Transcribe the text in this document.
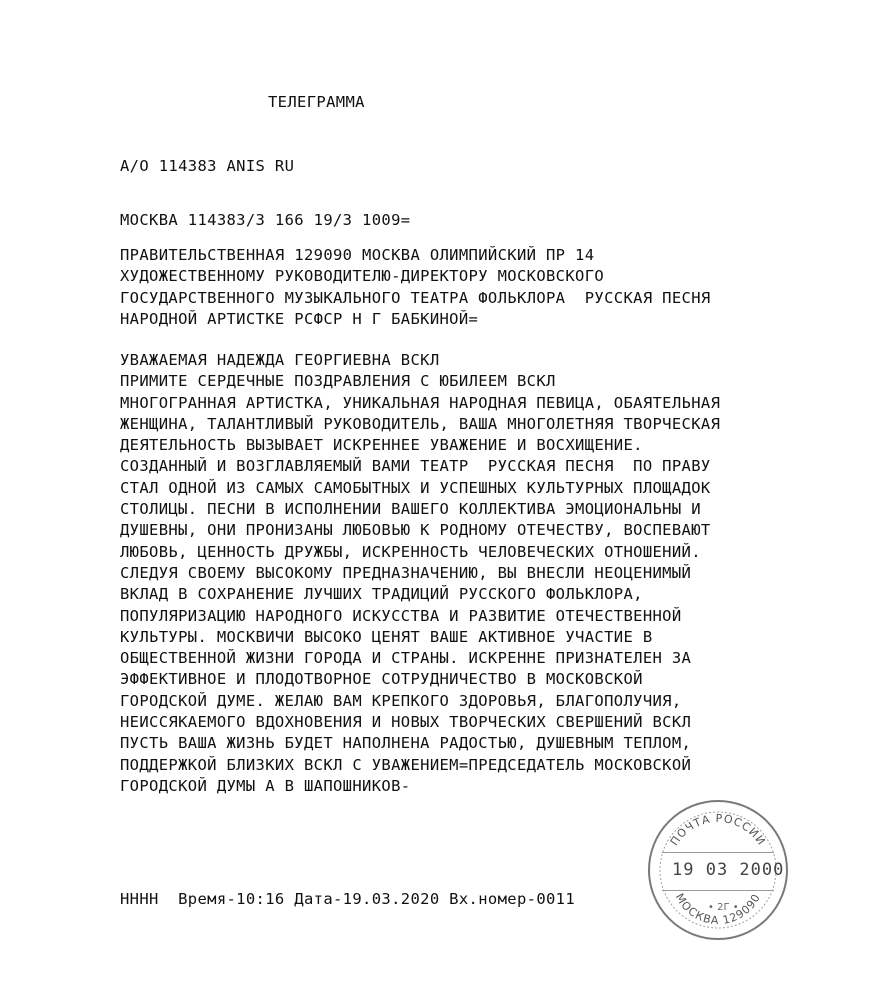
ТЕЛЕГРАММА
А/О 114383 ANIS RU
МОСКВА 114383/3 166 19/3 1009=
ПРАВИТЕЛЬСТВЕННАЯ 129090 МОСКВА ОЛИМПИЙСКИЙ ПР 14
ХУДОЖЕСТВЕННОМУ РУКОВОДИТЕЛЮ-ДИРЕКТОРУ МОСКОВСКОГО
ГОСУДАРСТВЕННОГО МУЗЫКАЛЬНОГО ТЕАТРА ФОЛЬКЛОРА  РУССКАЯ ПЕСНЯ
НАРОДНОЙ АРТИСТКЕ РСФСР Н Г БАБКИНОЙ=
УВАЖАЕМАЯ НАДЕЖДА ГЕОРГИЕВНА ВСКЛ
ПРИМИТЕ СЕРДЕЧНЫЕ ПОЗДРАВЛЕНИЯ С ЮБИЛЕЕМ ВСКЛ
МНОГОГРАННАЯ АРТИСТКА, УНИКАЛЬНАЯ НАРОДНАЯ ПЕВИЦА, ОБАЯТЕЛЬНАЯ
ЖЕНЩИНА, ТАЛАНТЛИВЫЙ РУКОВОДИТЕЛЬ, ВАША МНОГОЛЕТНЯЯ ТВОРЧЕСКАЯ
ДЕЯТЕЛЬНОСТЬ ВЫЗЫВАЕТ ИСКРЕННЕЕ УВАЖЕНИЕ И ВОСХИЩЕНИЕ.
СОЗДАННЫЙ И ВОЗГЛАВЛЯЕМЫЙ ВАМИ ТЕАТР  РУССКАЯ ПЕСНЯ  ПО ПРАВУ
СТАЛ ОДНОЙ ИЗ САМЫХ САМОБЫТНЫХ И УСПЕШНЫХ КУЛЬТУРНЫХ ПЛОЩАДОК
СТОЛИЦЫ. ПЕСНИ В ИСПОЛНЕНИИ ВАШЕГО КОЛЛЕКТИВА ЭМОЦИОНАЛЬНЫ И
ДУШЕВНЫ, ОНИ ПРОНИЗАНЫ ЛЮБОВЬЮ К РОДНОМУ ОТЕЧЕСТВУ, ВОСПЕВАЮТ
ЛЮБОВЬ, ЦЕННОСТЬ ДРУЖБЫ, ИСКРЕННОСТЬ ЧЕЛОВЕЧЕСКИХ ОТНОШЕНИЙ.
СЛЕДУЯ СВОЕМУ ВЫСОКОМУ ПРЕДНАЗНАЧЕНИЮ, ВЫ ВНЕСЛИ НЕОЦЕНИМЫЙ
ВКЛАД В СОХРАНЕНИЕ ЛУЧШИХ ТРАДИЦИЙ РУССКОГО ФОЛЬКЛОРА,
ПОПУЛЯРИЗАЦИЮ НАРОДНОГО ИСКУССТВА И РАЗВИТИЕ ОТЕЧЕСТВЕННОЙ
КУЛЬТУРЫ. МОСКВИЧИ ВЫСОКО ЦЕНЯТ ВАШЕ АКТИВНОЕ УЧАСТИЕ В
ОБЩЕСТВЕННОЙ ЖИЗНИ ГОРОДА И СТРАНЫ. ИСКРЕННЕ ПРИЗНАТЕЛЕН ЗА
ЭФФЕКТИВНОЕ И ПЛОДОТВОРНОЕ СОТРУДНИЧЕСТВО В МОСКОВСКОЙ
ГОРОДСКОЙ ДУМЕ. ЖЕЛАЮ ВАМ КРЕПКОГО ЗДОРОВЬЯ, БЛАГОПОЛУЧИЯ,
НЕИССЯКАЕМОГО ВДОХНОВЕНИЯ И НОВЫХ ТВОРЧЕСКИХ СВЕРШЕНИЙ ВСКЛ
ПУСТЬ ВАША ЖИЗНЬ БУДЕТ НАПОЛНЕНА РАДОСТЬЮ, ДУШЕВНЫМ ТЕПЛОМ,
ПОДДЕРЖКОЙ БЛИЗКИХ ВСКЛ С УВАЖЕНИЕМ=ПРЕДСЕДАТЕЛЬ МОСКОВСКОЙ
ГОРОДСКОЙ ДУМЫ А В ШАПОШНИКОВ-
НННН  Время-10:16 Дата-19.03.2020 Вх.номер-0011
ПОЧТА РОССИИ
МОСКВА 129090
19 03 2000
• 2Г •
